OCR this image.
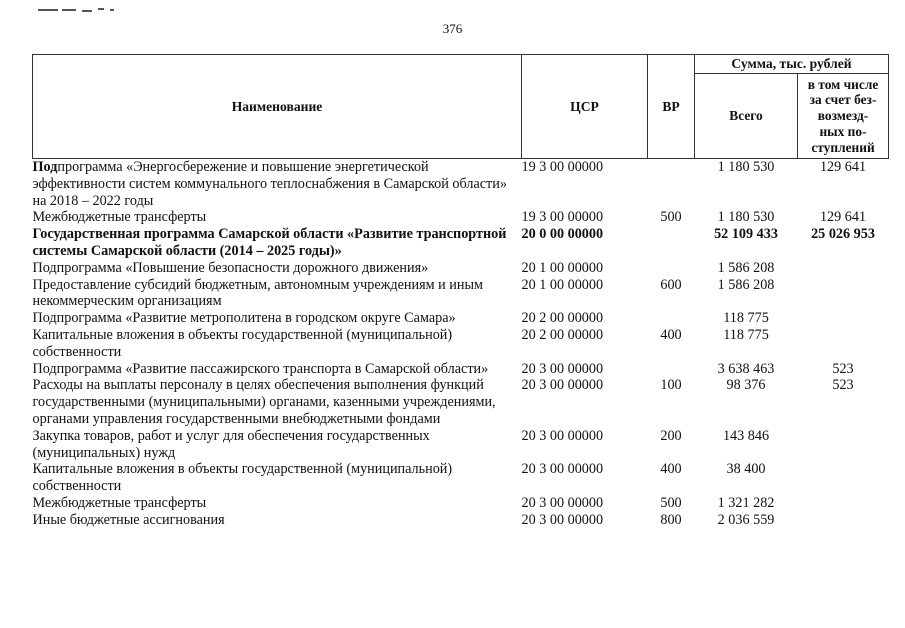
376
Наименование	ЦСР	ВР	Сумма, тыс. рублей	
			Всего	в том числе
за счет без-
возмезд-
ных по-
ступлений
Подпрограмма «Энергосбережение и повышение энергетической эффективности систем коммунального теплоснабжения в Самарской области» на 2018 – 2022 годы	19 3 00 00000		1 180 530	129 641
Межбюджетные трансферты	19 3 00 00000	500	1 180 530	129 641
Государственная программа Самарской области «Развитие транспортной системы Самарской области (2014 – 2025 годы)»	20 0 00 00000		52 109 433	25 026 953
Подпрограмма «Повышение безопасности дорожного движения»	20 1 00 00000		1 586 208	
Предоставление субсидий бюджетным, автономным учреждениям и иным некоммерческим организациям	20 1 00 00000	600	1 586 208	
Подпрограмма «Развитие метрополитена в городском округе Самара»	20 2 00 00000		118 775	
Капитальные вложения в объекты государственной (муниципальной) собственности	20 2 00 00000	400	118 775	
Подпрограмма «Развитие пассажирского транспорта в Самарской области»	20 3 00 00000		3 638 463	523
Расходы на выплаты персоналу в целях обеспечения выполнения функций государственными (муниципальными) органами, казенными учреждениями, органами управления государственными внебюджетными фондами	20 3 00 00000	100	98 376	523
Закупка товаров, работ и услуг для обеспечения государственных (муниципальных) нужд	20 3 00 00000	200	143 846	
Капитальные вложения в объекты государственной (муниципальной) собственности	20 3 00 00000	400	38 400	
Межбюджетные трансферты	20 3 00 00000	500	1 321 282	
Иные бюджетные ассигнования	20 3 00 00000	800	2 036 559	
